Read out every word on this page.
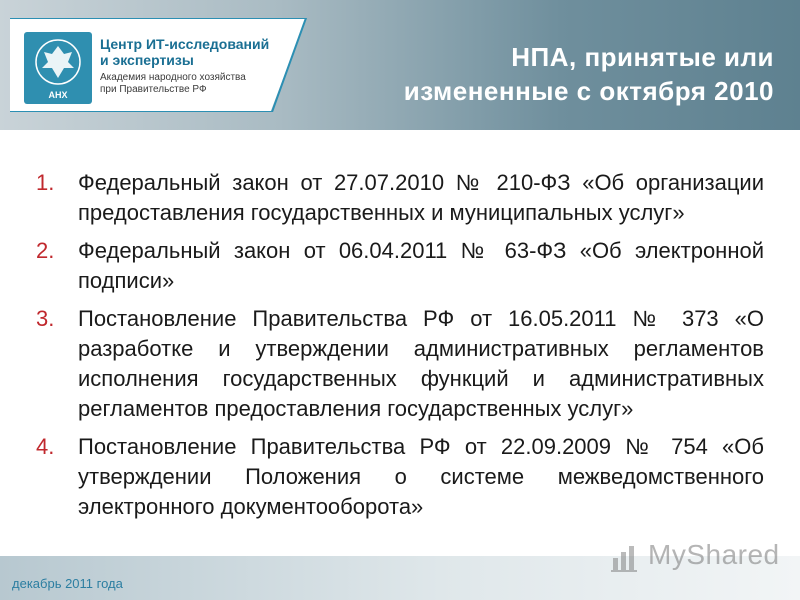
АНХ
Центр ИТ-исследований
и экспертизы
Академия народного хозяйства
при Правительстве РФ
НПА, принятые или
измененные с октября 2010
1. Федеральный закон от 27.07.2010 № 210-ФЗ «Об организации предоставления государственных и муниципальных услуг»
2. Федеральный закон от 06.04.2011 № 63-ФЗ «Об электронной подписи»
3. Постановление Правительства РФ от 16.05.2011 № 373 «О разработке и утверждении административных регламентов исполнения государственных функций и административных регламентов предоставления государственных услуг»
4. Постановление Правительства РФ от 22.09.2009 № 754 «Об утверждении Положения о системе межведомственного электронного документооборота»
декабрь 2011 года
MyShared
